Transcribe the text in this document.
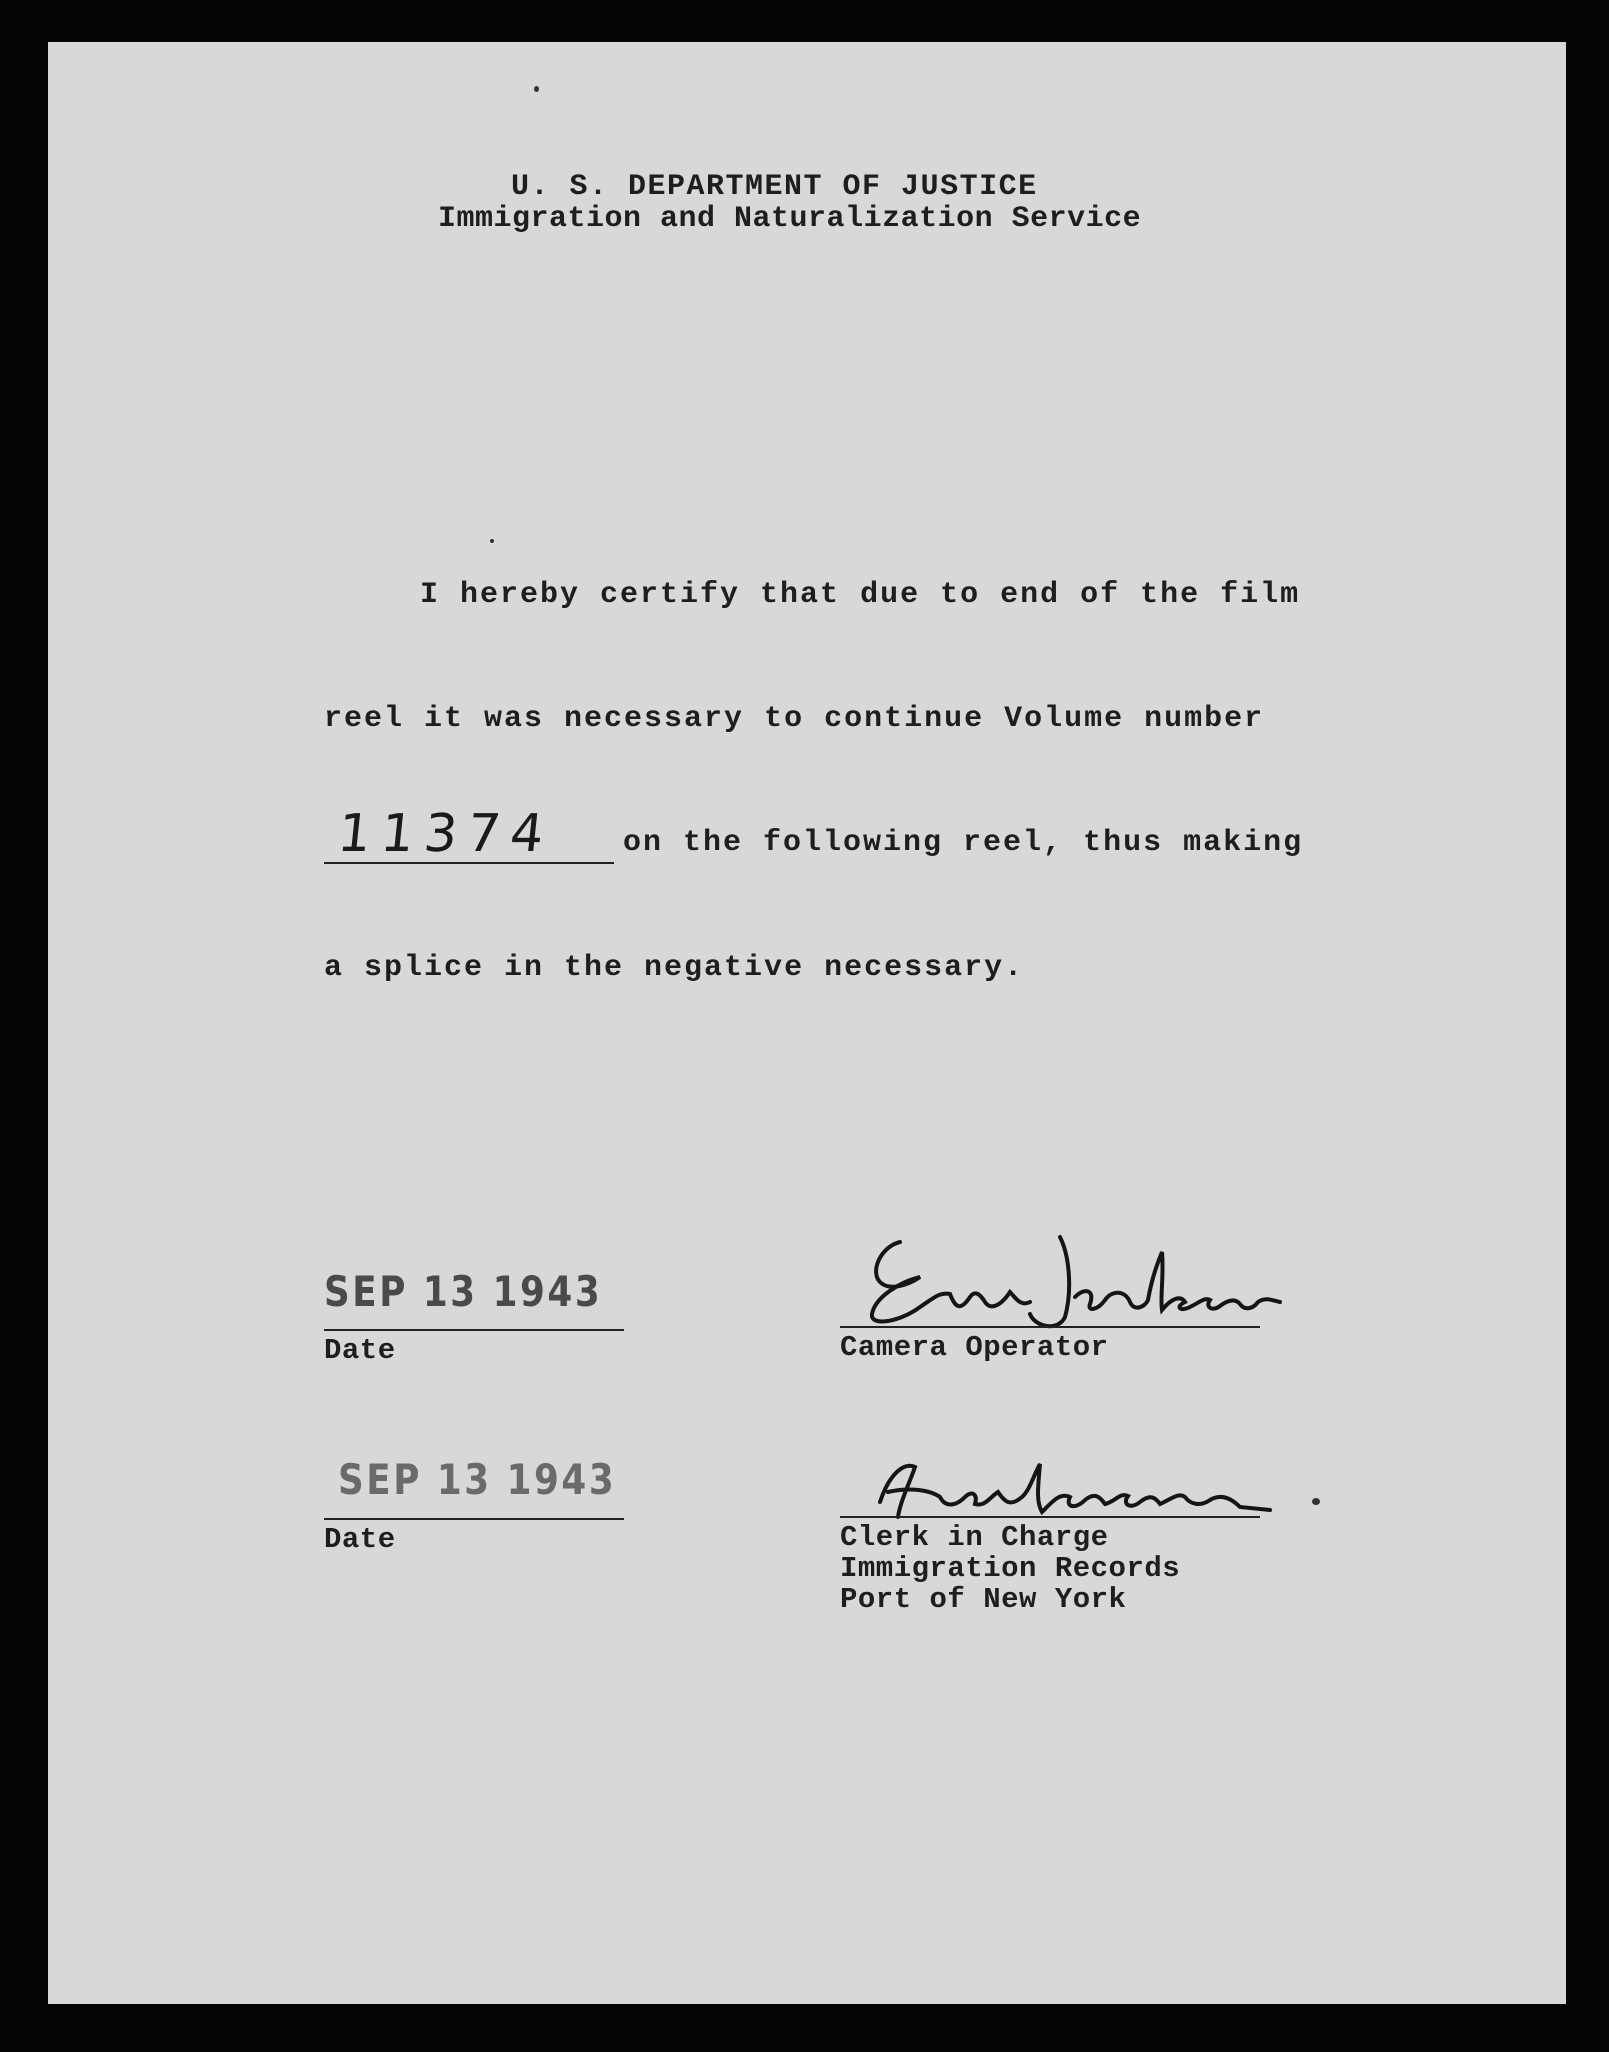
U. S. DEPARTMENT OF JUSTICE
Immigration and Naturalization Service
I hereby certify that due to end of the film
reel it was necessary to continue Volume number
11374 on the following reel, thus making
a splice in the negative necessary.
SEP 13 1943
Date	Camera Operator
SEP 13 1943
Date	Clerk in Charge
Immigration Records
Port of New York
